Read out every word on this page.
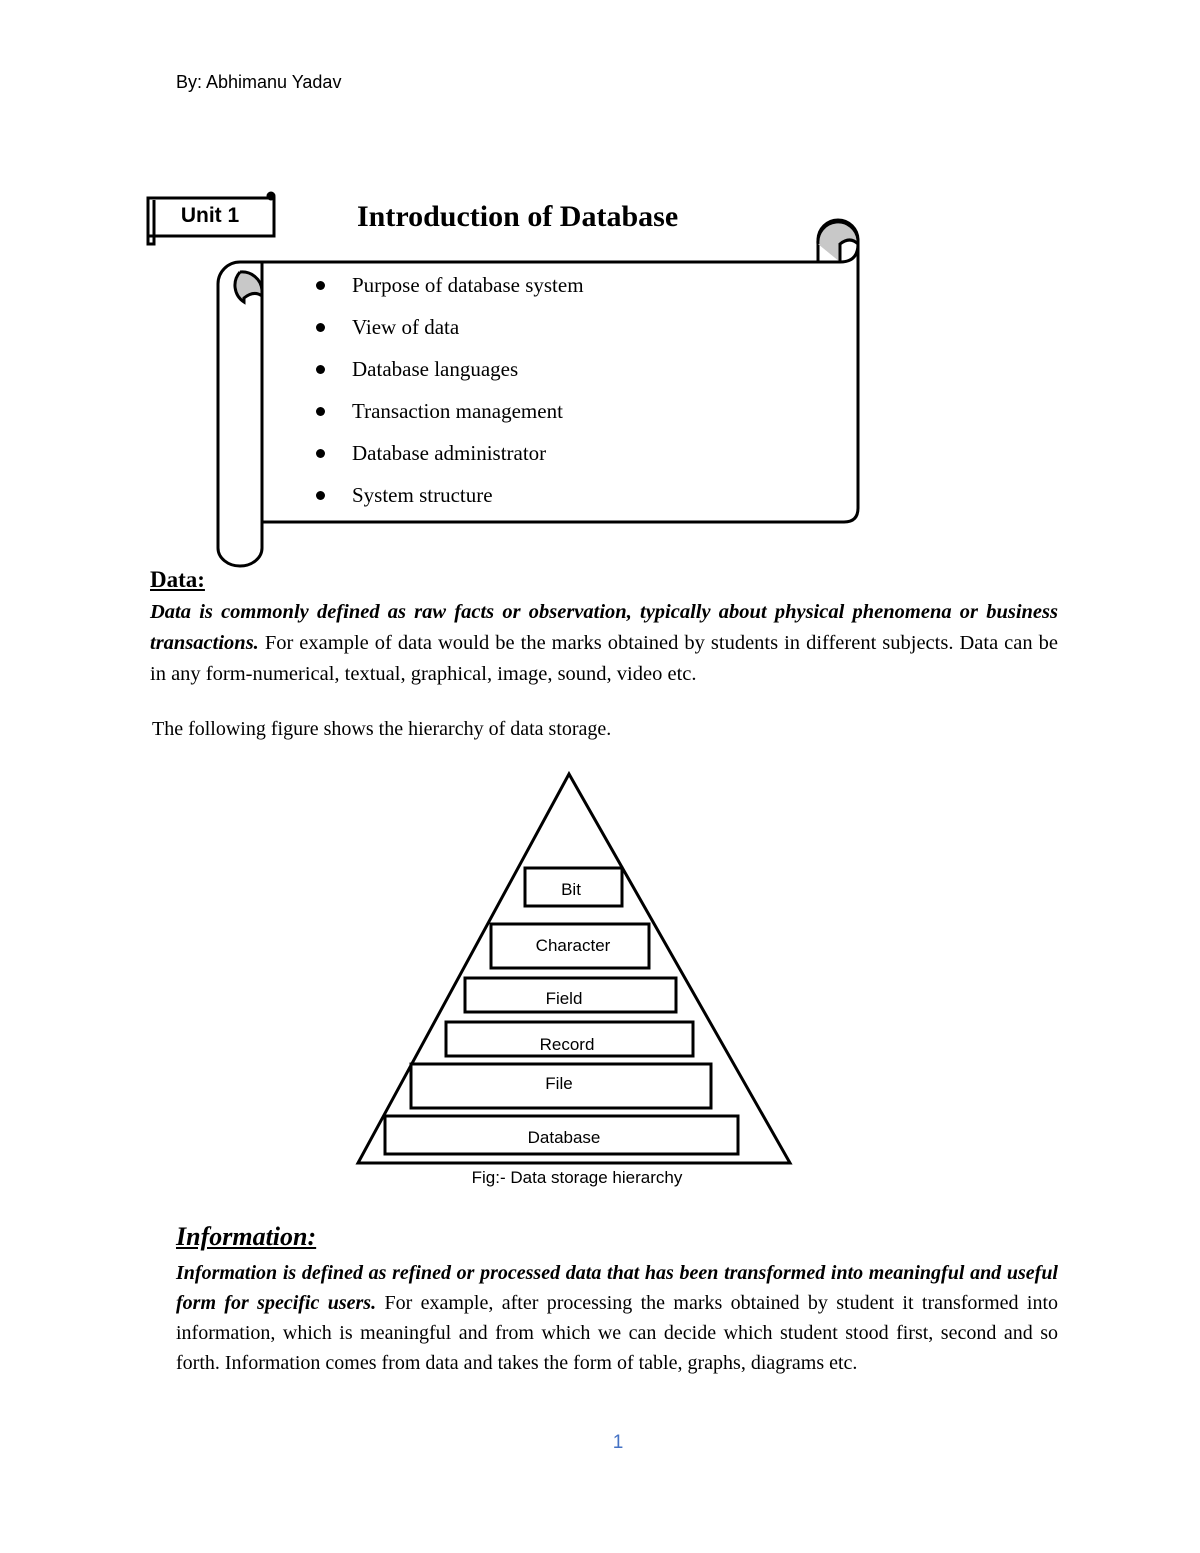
By: Abhimanu Yadav
Unit 1	Introduction of Database
Purpose of database system
View of data
Database languages
Transaction management
Database administrator
System structure
Data:
Data is commonly defined as raw facts or observation, typically about physical phenomena or business transactions. For example of data would be the marks obtained by students in different subjects. Data can be in any form-numerical, textual, graphical, image, sound, video etc.
The following figure shows the hierarchy of data storage.
Bit
Character
Field
Record
File
Database
Fig:- Data storage hierarchy
Information:
Information is defined as refined or processed data that has been transformed into meaningful and useful form for specific users. For example, after processing the marks obtained by student it transformed into information, which is meaningful and from which we can decide which student stood first, second and so forth. Information comes from data and takes the form of table, graphs, diagrams etc.
1
